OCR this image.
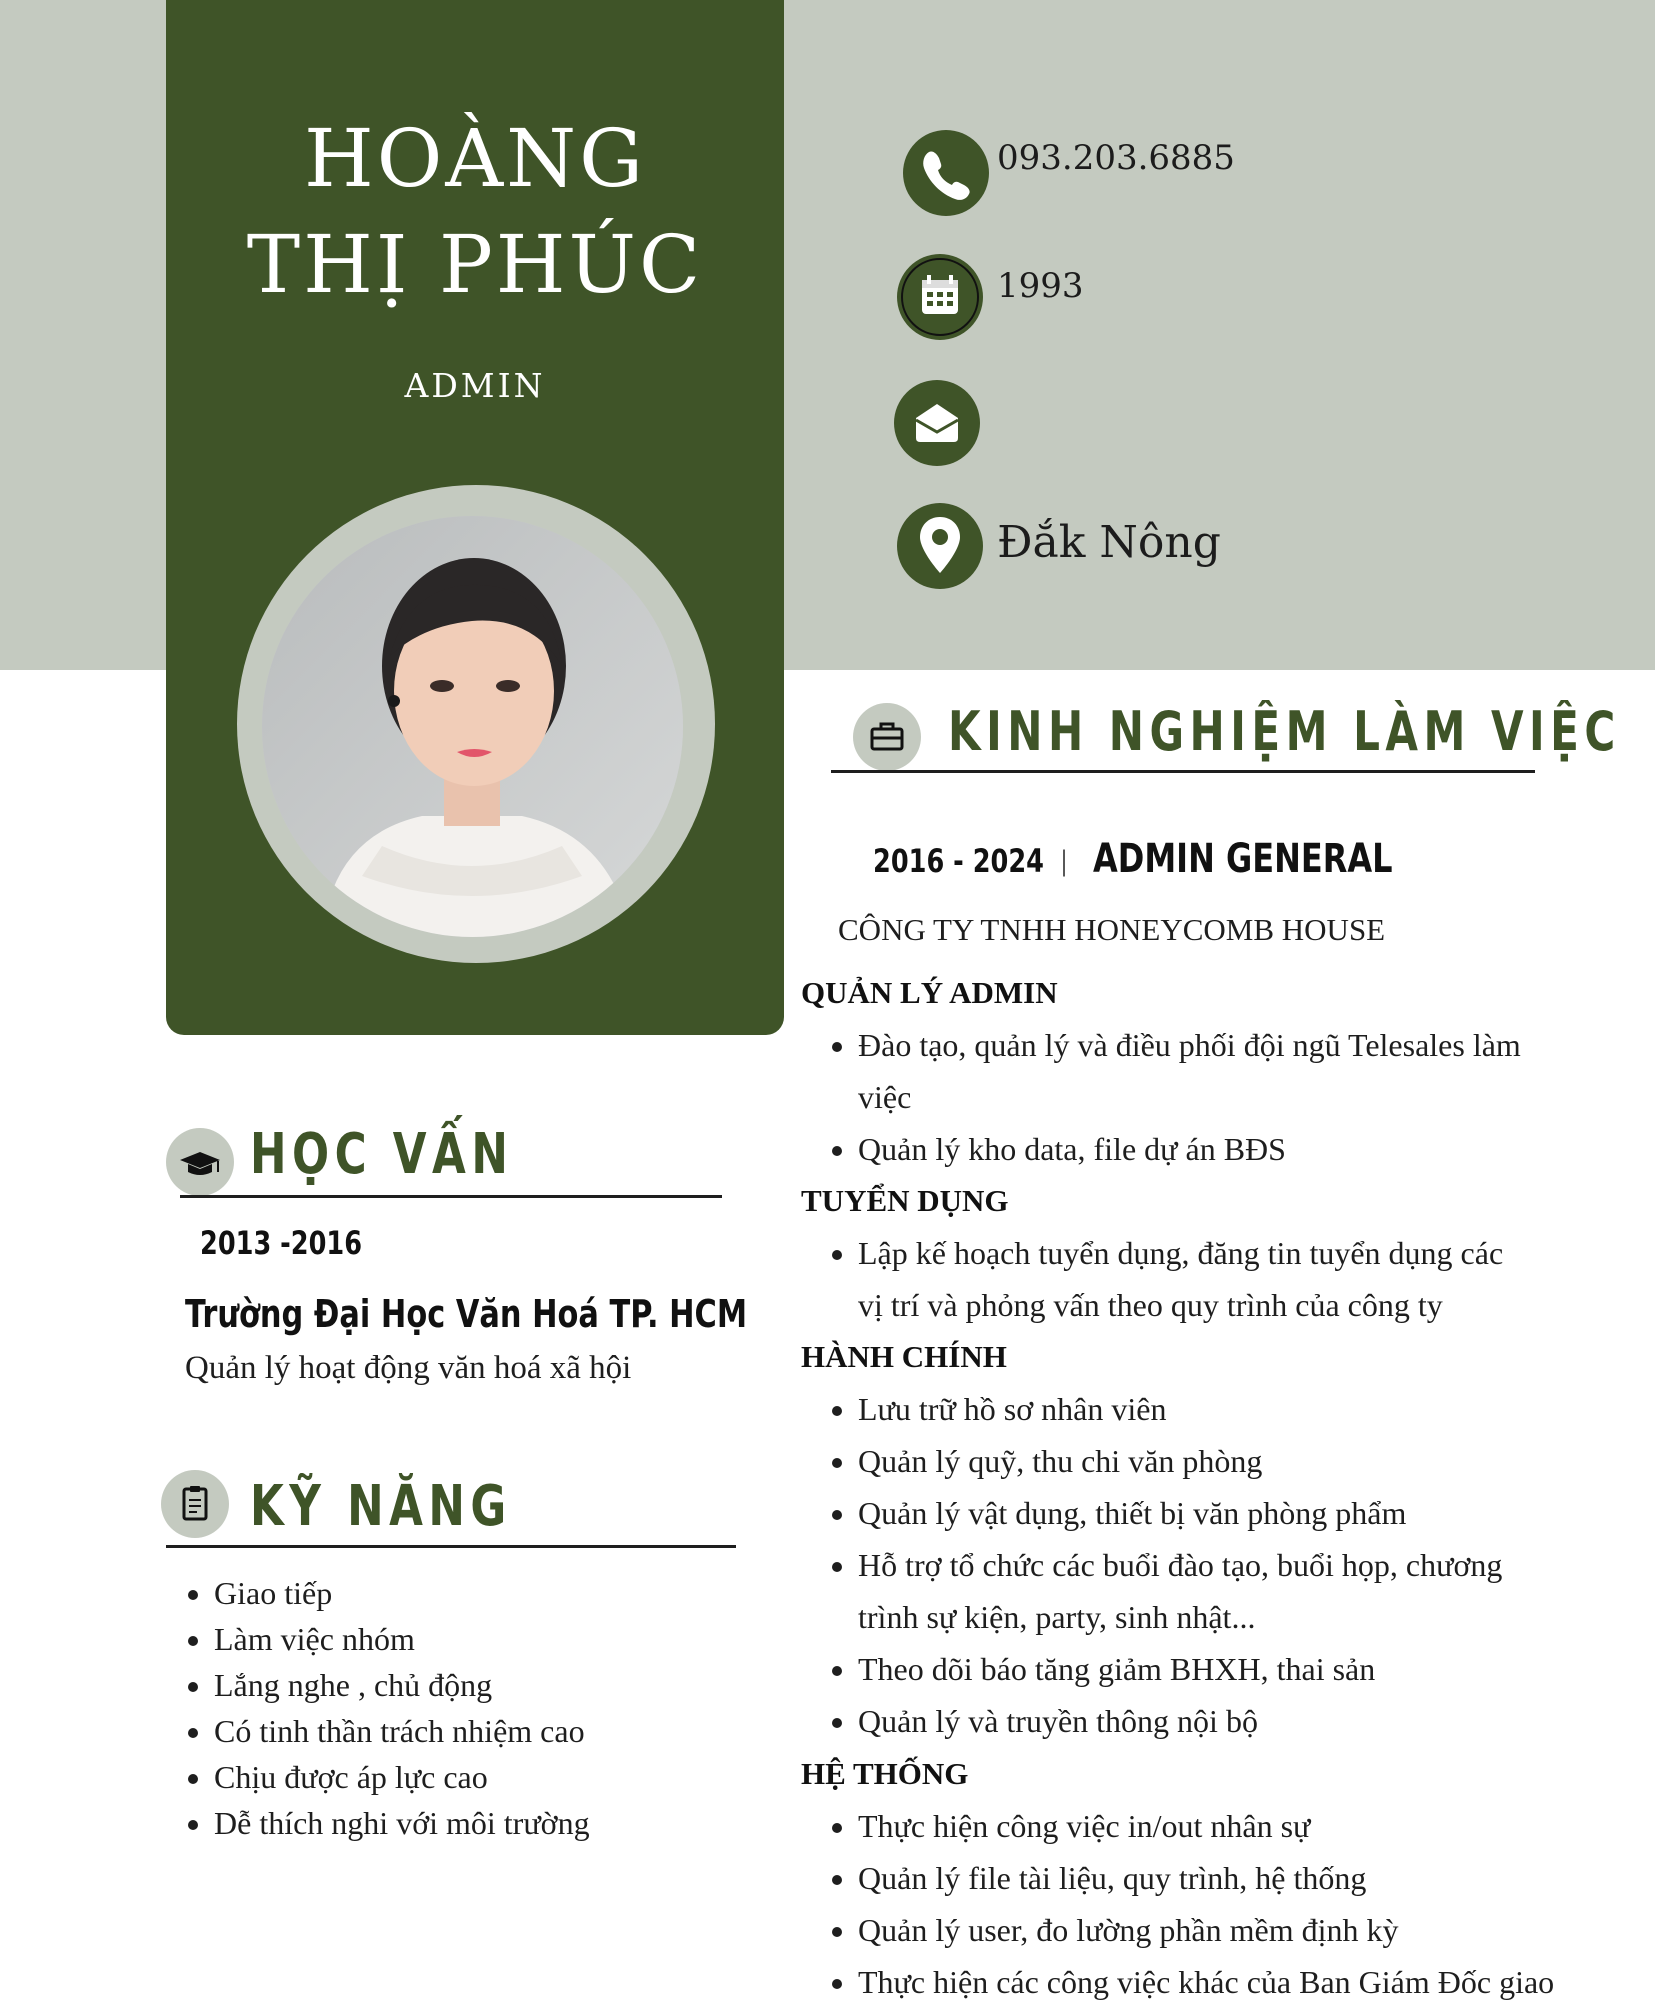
HOÀNG
THỊ PHÚC
ADMIN
093.203.6885
1993
Đắk Nông
KINH NGHIỆM LÀM VIỆC
2016 - 2024 | ADMIN GENERAL
CÔNG TY TNHH HONEYCOMB HOUSE
QUẢN LÝ ADMIN
• Đào tạo, quản lý và điều phối đội ngũ Telesales làm
việc
• Quản lý kho data, file dự án BĐS
TUYỂN DỤNG
• Lập kế hoạch tuyển dụng, đăng tin tuyển dụng các
vị trí và phỏng vấn theo quy trình của công ty
HÀNH CHÍNH
• Lưu trữ hồ sơ nhân viên
• Quản lý quỹ, thu chi văn phòng
• Quản lý vật dụng, thiết bị văn phòng phẩm
• Hỗ trợ tổ chức các buổi đào tạo, buổi họp, chương
trình sự kiện, party, sinh nhật...
• Theo dõi báo tăng giảm BHXH, thai sản
• Quản lý và truyền thông nội bộ
HỆ THỐNG
• Thực hiện công việc in/out nhân sự
• Quản lý file tài liệu, quy trình, hệ thống
• Quản lý user, đo lường phần mềm định kỳ
• Thực hiện các công việc khác của Ban Giám Đốc giao
HỌC VẤN
2013 -2016
Trường Đại Học Văn Hoá TP. HCM
Quản lý hoạt động văn hoá xã hội
KỸ NĂNG
• Giao tiếp
• Làm việc nhóm
• Lắng nghe , chủ động
• Có tinh thần trách nhiệm cao
• Chịu được áp lực cao
• Dễ thích nghi với môi trường
